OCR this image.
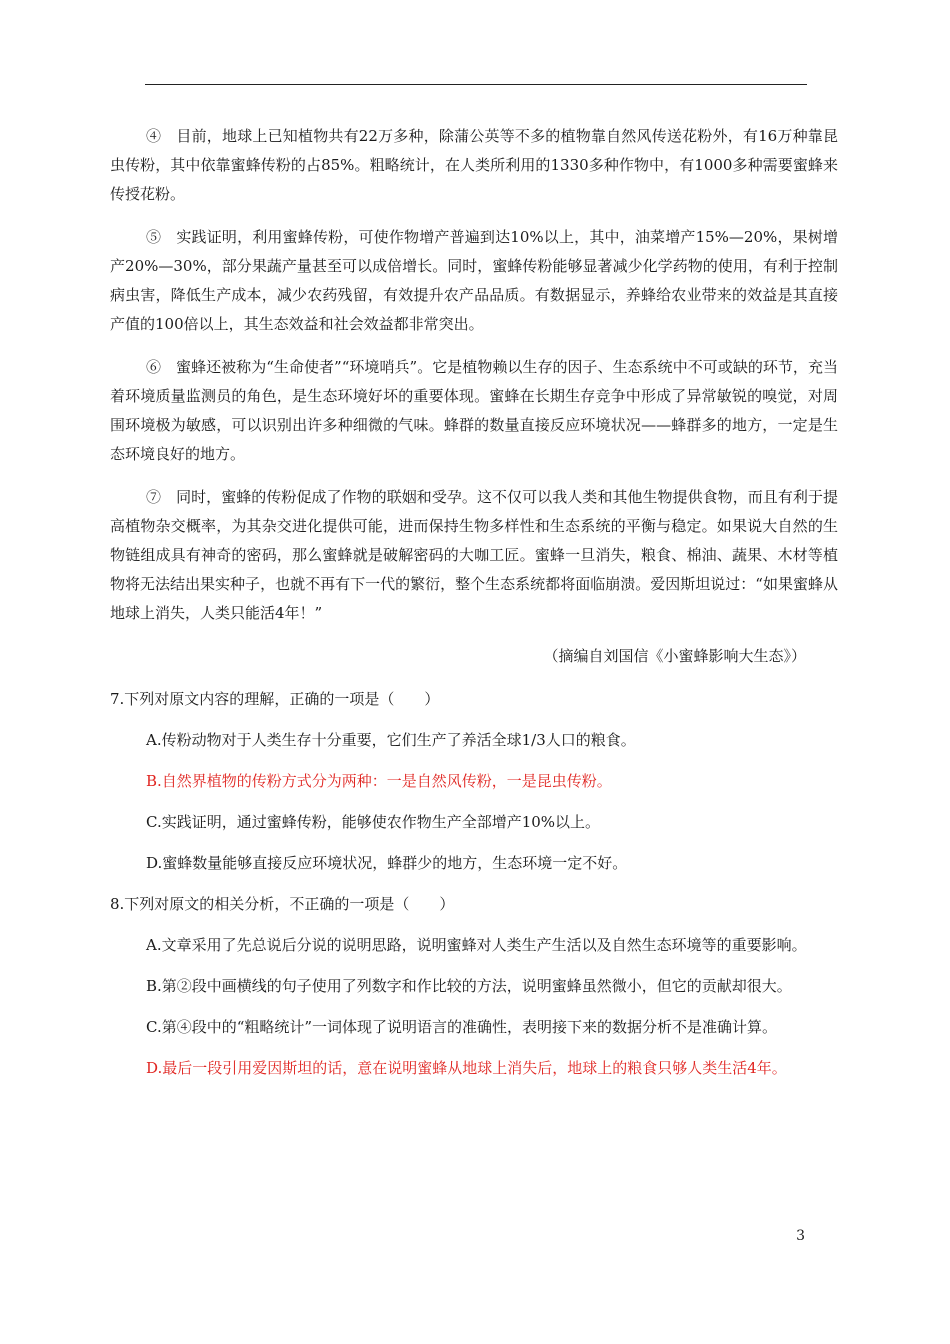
④　目前，地球上已知植物共有22万多种，除蒲公英等不多的植物靠自然风传送花粉外，有16万种靠昆虫传粉，其中依靠蜜蜂传粉的占85%。粗略统计，在人类所利用的1330多种作物中，有1000多种需要蜜蜂来传授花粉。

⑤　实践证明，利用蜜蜂传粉，可使作物增产普遍到达10%以上，其中，油菜增产15%—20%，果树增产20%—30%，部分果蔬产量甚至可以成倍增长。同时，蜜蜂传粉能够显著减少化学药物的使用，有利于控制病虫害，降低生产成本，减少农药残留，有效提升农产品品质。有数据显示，养蜂给农业带来的效益是其直接产值的100倍以上，其生态效益和社会效益都非常突出。

⑥　蜜蜂还被称为“生命使者”“环境哨兵”。它是植物赖以生存的因子、生态系统中不可或缺的环节，充当着环境质量监测员的角色，是生态环境好坏的重要体现。蜜蜂在长期生存竞争中形成了异常敏锐的嗅觉，对周围环境极为敏感，可以识别出许多种细微的气味。蜂群的数量直接反应环境状况——蜂群多的地方，一定是生态环境良好的地方。

⑦　同时，蜜蜂的传粉促成了作物的联姻和受孕。这不仅可以我人类和其他生物提供食物，而且有利于提高植物杂交概率，为其杂交进化提供可能，进而保持生物多样性和生态系统的平衡与稳定。如果说大自然的生物链组成具有神奇的密码，那么蜜蜂就是破解密码的大咖工匠。蜜蜂一旦消失，粮食、棉油、蔬果、木材等植物将无法结出果实种子，也就不再有下一代的繁衍，整个生态系统都将面临崩溃。爱因斯坦说过：“如果蜜蜂从地球上消失，人类只能活4年！”

（摘编自刘国信《小蜜蜂影响大生态》）

7.下列对原文内容的理解，正确的一项是（　　）

A.传粉动物对于人类生存十分重要，它们生产了养活全球1/3人口的粮食。

B.自然界植物的传粉方式分为两种：一是自然风传粉，一是昆虫传粉。

C.实践证明，通过蜜蜂传粉，能够使农作物生产全部增产10%以上。

D.蜜蜂数量能够直接反应环境状况，蜂群少的地方，生态环境一定不好。

8.下列对原文的相关分析，不正确的一项是（　　）

A.文章采用了先总说后分说的说明思路，说明蜜蜂对人类生产生活以及自然生态环境等的重要影响。

B.第②段中画横线的句子使用了列数字和作比较的方法，说明蜜蜂虽然微小，但它的贡献却很大。

C.第④段中的“粗略统计”一词体现了说明语言的准确性，表明接下来的数据分析不是准确计算。

D.最后一段引用爱因斯坦的话，意在说明蜜蜂从地球上消失后，地球上的粮食只够人类生活4年。

3
